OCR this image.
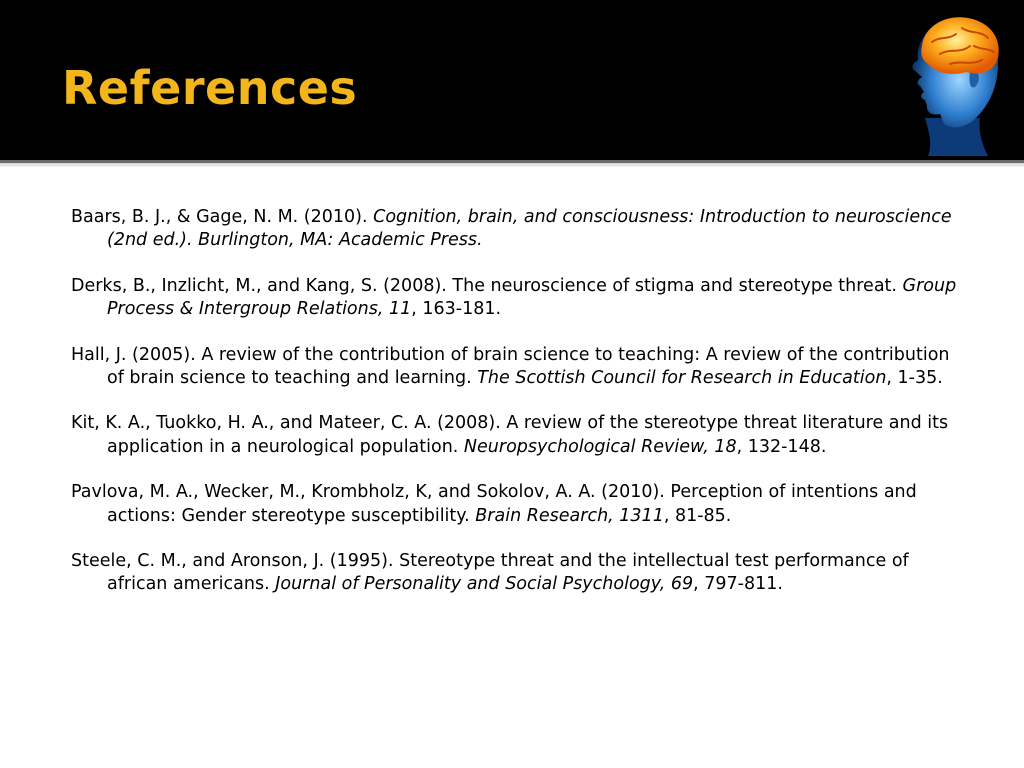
References

Baars, B. J., & Gage, N. M. (2010). Cognition, brain, and consciousness: Introduction to neuroscience (2nd ed.). Burlington, MA: Academic Press.

Derks, B., Inzlicht, M., and Kang, S. (2008). The neuroscience of stigma and stereotype threat. Group Process & Intergroup Relations, 11, 163-181.

Hall, J. (2005). A review of the contribution of brain science to teaching: A review of the contribution of brain science to teaching and learning. The Scottish Council for Research in Education, 1-35.

Kit, K. A., Tuokko, H. A., and Mateer, C. A. (2008). A review of the stereotype threat literature and its application in a neurological population. Neuropsychological Review, 18, 132-148.

Pavlova, M. A., Wecker, M., Krombholz, K, and Sokolov, A. A. (2010). Perception of intentions and actions: Gender stereotype susceptibility. Brain Research, 1311, 81-85.

Steele, C. M., and Aronson, J. (1995). Stereotype threat and the intellectual test performance of african americans. Journal of Personality and Social Psychology, 69, 797-811.
